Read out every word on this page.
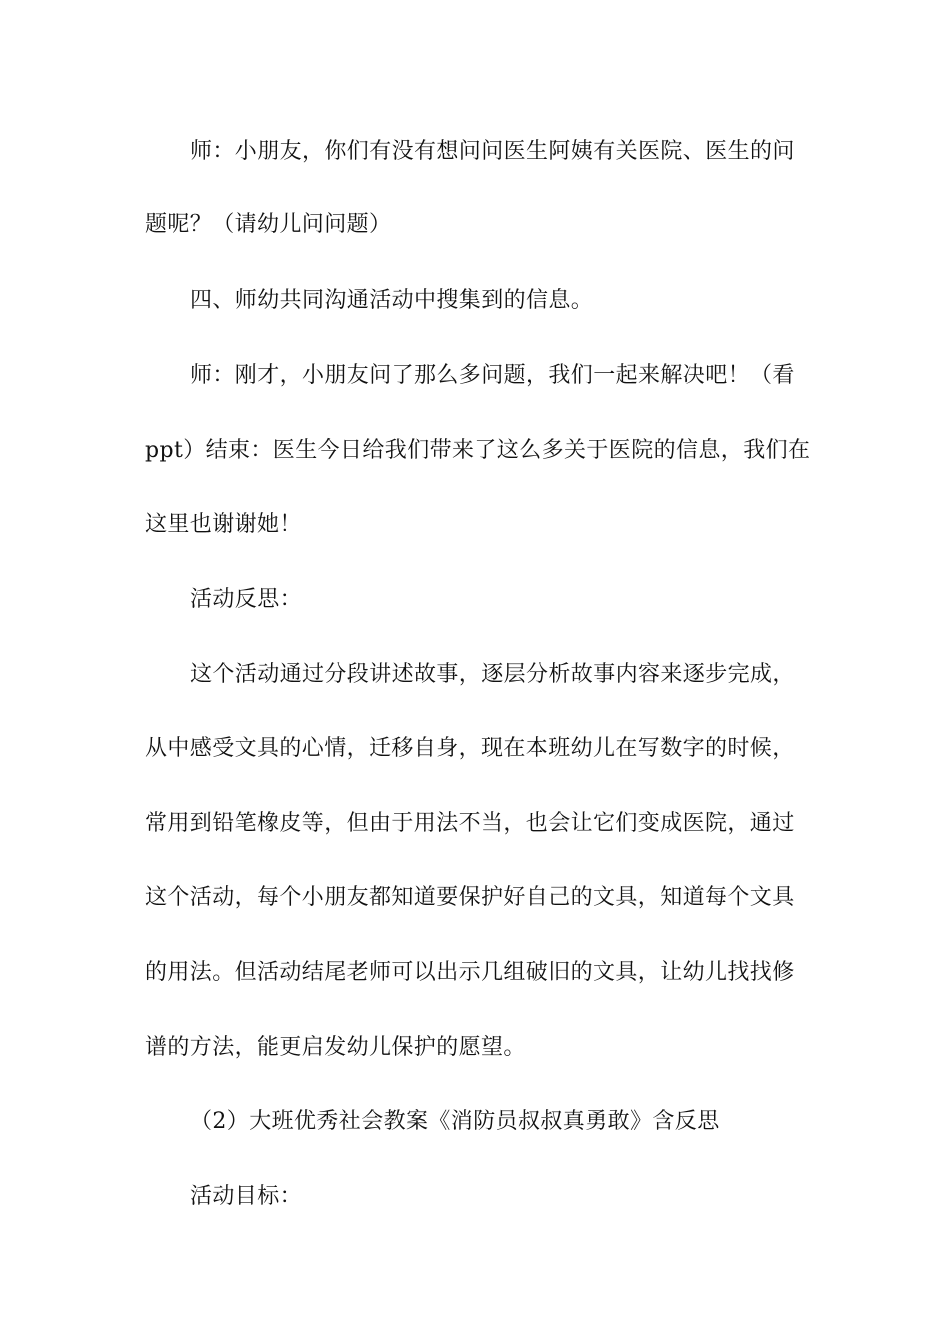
师：小朋友，你们有没有想问问医生阿姨有关医院、医生的问
题呢？（请幼儿问问题）
四、师幼共同沟通活动中搜集到的信息。
师：刚才，小朋友问了那么多问题，我们一起来解决吧！（看
ppt）结束：医生今日给我们带来了这么多关于医院的信息，我们在
这里也谢谢她！
活动反思：
这个活动通过分段讲述故事，逐层分析故事内容来逐步完成，
从中感受文具的心情，迁移自身，现在本班幼儿在写数字的时候，
常用到铅笔橡皮等，但由于用法不当，也会让它们变成医院，通过
这个活动，每个小朋友都知道要保护好自己的文具，知道每个文具
的用法。但活动结尾老师可以出示几组破旧的文具，让幼儿找找修
谱的方法，能更启发幼儿保护的愿望。
（2）大班优秀社会教案《消防员叔叔真勇敢》含反思
活动目标：
